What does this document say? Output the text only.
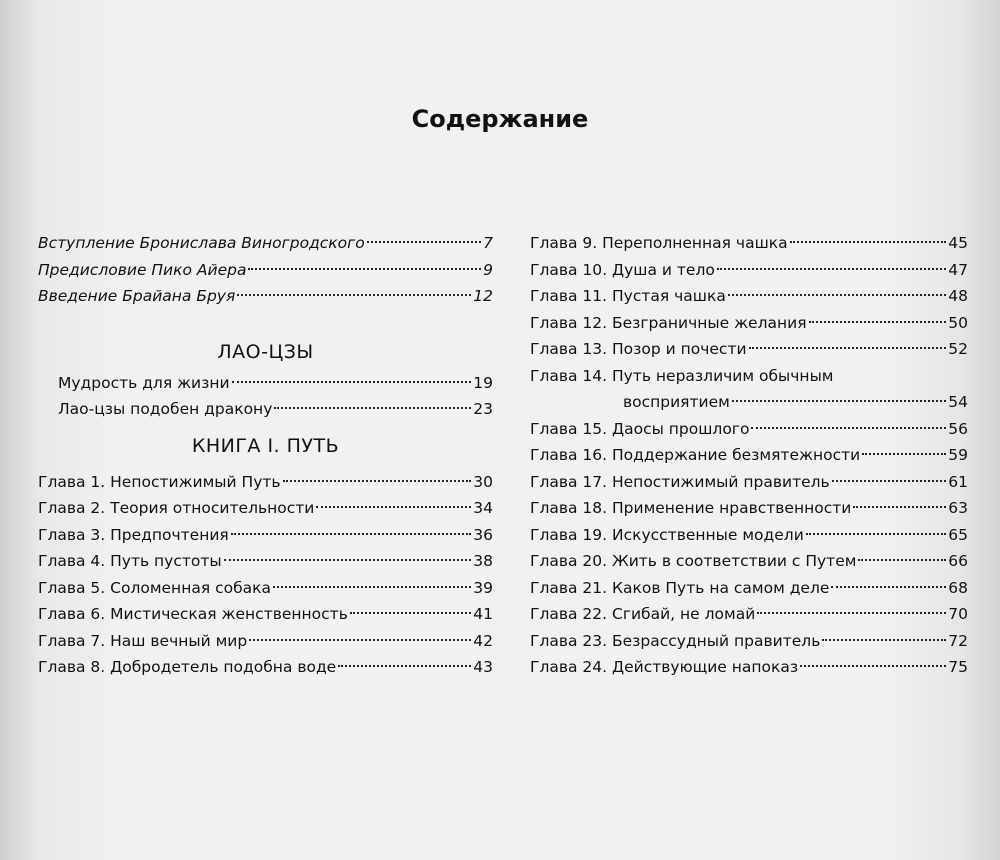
Содержание
Вступление Бронислава Виногродского	7
Предисловие Пико Айера	9
Введение Брайана Бруя	12
ЛАО-ЦЗЫ
Мудрость для жизни	19
Лао-цзы подобен дракону	23
КНИГА I. ПУТЬ
Глава 1. Непостижимый Путь	30
Глава 2. Теория относительности	34
Глава 3. Предпочтения	36
Глава 4. Путь пустоты	38
Глава 5. Соломенная собака	39
Глава 6. Мистическая женственность	41
Глава 7. Наш вечный мир	42
Глава 8. Добродетель подобна воде	43
Глава 9. Переполненная чашка	45
Глава 10. Душа и тело	47
Глава 11. Пустая чашка	48
Глава 12. Безграничные желания	50
Глава 13. Позор и почести	52
Глава 14. Путь неразличим обычным
восприятием	54
Глава 15. Даосы прошлого	56
Глава 16. Поддержание безмятежности	59
Глава 17. Непостижимый правитель	61
Глава 18. Применение нравственности	63
Глава 19. Искусственные модели	65
Глава 20. Жить в соответствии с Путем	66
Глава 21. Каков Путь на самом деле	68
Глава 22. Сгибай, не ломай	70
Глава 23. Безрассудный правитель	72
Глава 24. Действующие напоказ	75
